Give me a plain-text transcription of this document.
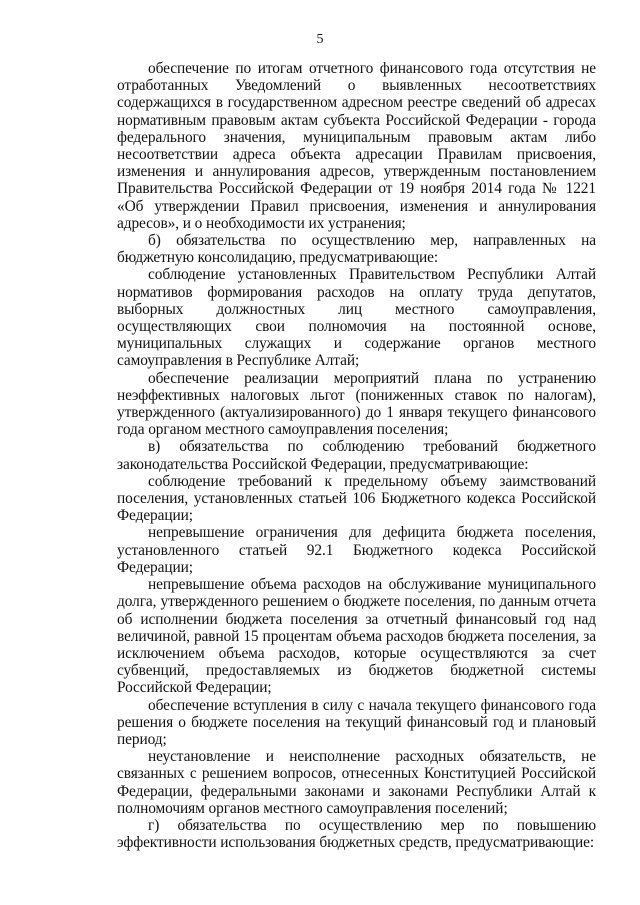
5

обеспечение по итогам отчетного финансового года отсутствия не отработанных Уведомлений о выявленных несоответствиях содержащихся в государственном адресном реестре сведений об адресах нормативным правовым актам субъекта Российской Федерации - города федерального значения, муниципальным правовым актам либо несоответствии адреса объекта адресации Правилам присвоения, изменения и аннулирования адресов, утвержденным постановлением Правительства Российской Федерации от 19 ноября 2014 года № 1221 «Об утверждении Правил присвоения, изменения и аннулирования адресов», и о необходимости их устранения;

б) обязательства по осуществлению мер, направленных на бюджетную консолидацию, предусматривающие:

соблюдение установленных Правительством Республики Алтай нормативов формирования расходов на оплату труда депутатов, выборных должностных лиц местного самоуправления, осуществляющих свои полномочия на постоянной основе, муниципальных служащих и содержание органов местного самоуправления в Республике Алтай;

обеспечение реализации мероприятий плана по устранению неэффективных налоговых льгот (пониженных ставок по налогам), утвержденного (актуализированного) до 1 января текущего финансового года органом местного самоуправления поселения;

в) обязательства по соблюдению требований бюджетного законодательства Российской Федерации, предусматривающие:

соблюдение требований к предельному объему заимствований поселения, установленных статьей 106 Бюджетного кодекса Российской Федерации;

непревышение ограничения для дефицита бюджета поселения, установленного статьей 92.1 Бюджетного кодекса Российской Федерации;

непревышение объема расходов на обслуживание муниципального долга, утвержденного решением о бюджете поселения, по данным отчета об исполнении бюджета поселения за отчетный финансовый год над величиной, равной 15 процентам объема расходов бюджета поселения, за исключением объема расходов, которые осуществляются за счет субвенций, предоставляемых из бюджетов бюджетной системы Российской Федерации;

обеспечение вступления в силу с начала текущего финансового года решения о бюджете поселения на текущий финансовый год и плановый период;

неустановление и неисполнение расходных обязательств, не связанных с решением вопросов, отнесенных Конституцией Российской Федерации, федеральными законами и законами Республики Алтай к полномочиям органов местного самоуправления поселений;

г) обязательства по осуществлению мер по повышению эффективности использования бюджетных средств, предусматривающие:
